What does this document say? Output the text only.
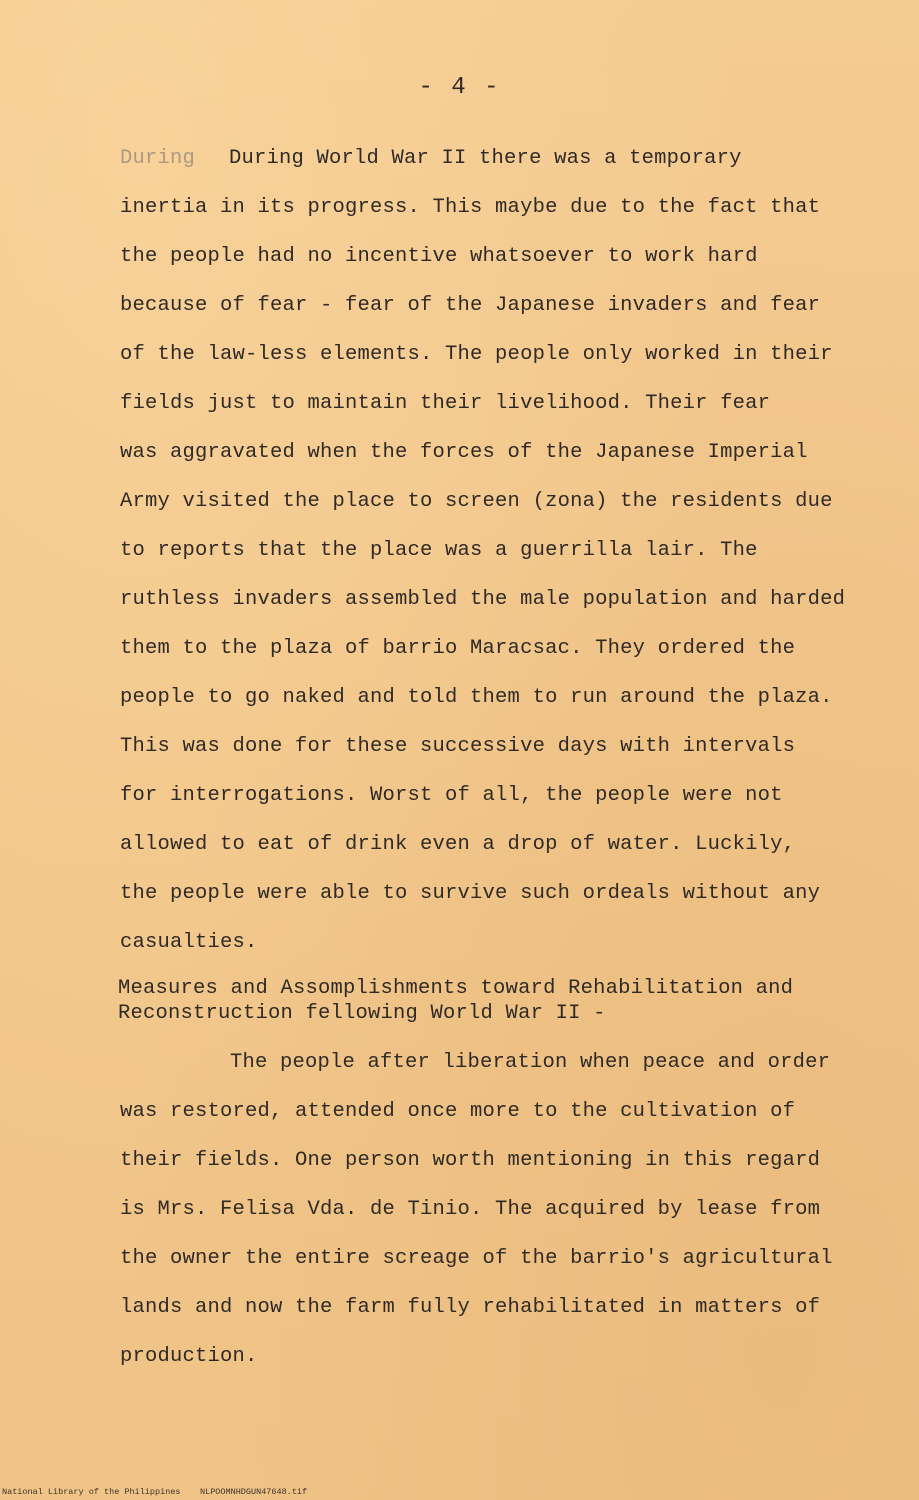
- 4 -
During During World War II there was a temporary
inertia in its progress. This maybe due to the fact that
the people had no incentive whatsoever to work hard
because of fear - fear of the Japanese invaders and fear
of the law-less elements. The people only worked in their
fields just to maintain their livelihood. Their fear
was aggravated when the forces of the Japanese Imperial
Army visited the place to screen (zona) the residents due
to reports that the place was a guerrilla lair. The
ruthless invaders assembled the male population and harded
them to the plaza of barrio Maracsac. They ordered the
people to go naked and told them to run around the plaza.
This was done for these successive days with intervals
for interrogations. Worst of all, the people were not
allowed to eat of drink even a drop of water. Luckily,
the people were able to survive such ordeals without any
casualties.
Measures and Assomplishments toward Rehabilitation and
Reconstruction fellowing World War II -
The people after liberation when peace and order
was restored, attended once more to the cultivation of
their fields. One person worth mentioning in this regard
is Mrs. Felisa Vda. de Tinio. The acquired by lease from
the owner the entire screage of the barrio's agricultural
lands and now the farm fully rehabilitated in matters of
production.
National Library of the Philippines NLPOOMNHDGUN47648.tif
